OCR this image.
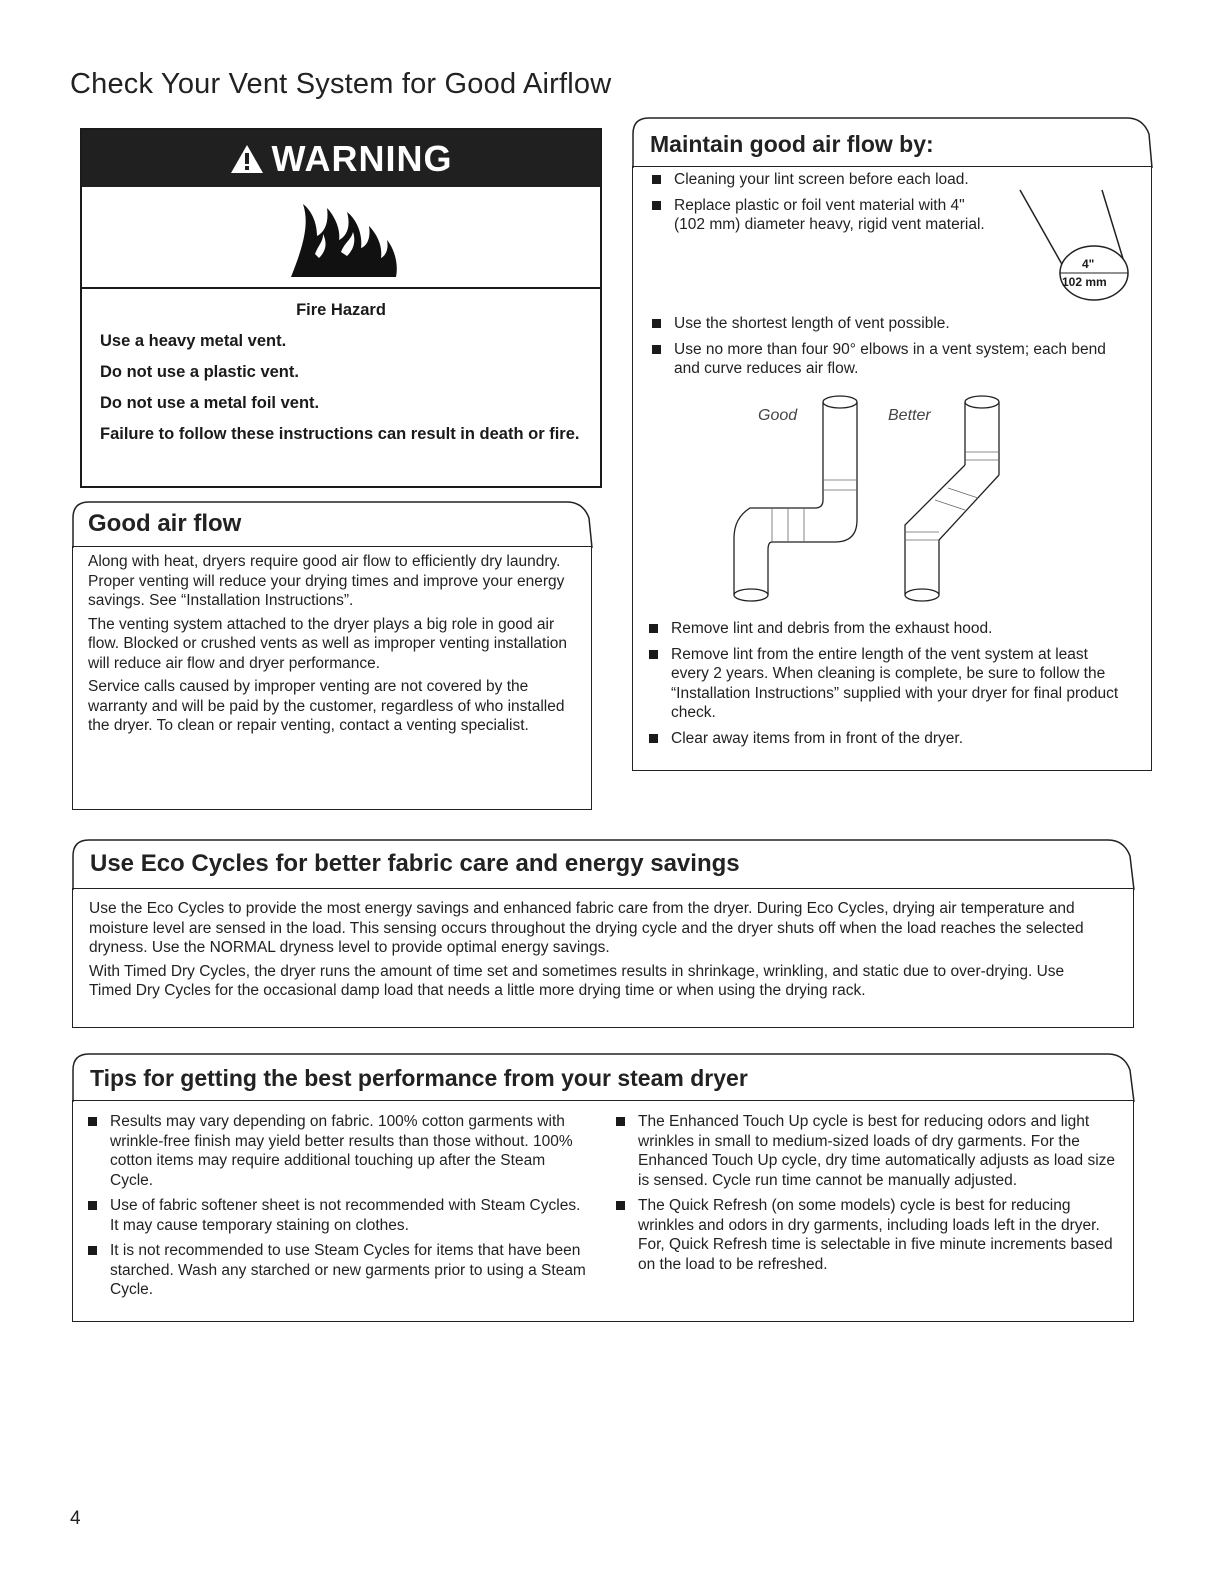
Check Your Vent System for Good Airflow
WARNING
Fire Hazard

Use a heavy metal vent.

Do not use a plastic vent.

Do not use a metal foil vent.

Failure to follow these instructions can result in death or fire.

Good air flow

Along with heat, dryers require good air flow to efficiently dry laundry. Proper venting will reduce your drying times and improve your energy savings. See “Installation Instructions”.

The venting system attached to the dryer plays a big role in good air flow. Blocked or crushed vents as well as improper venting installation will reduce air flow and dryer performance.

Service calls caused by improper venting are not covered by the warranty and will be paid by the customer, regardless of who installed the dryer. To clean or repair venting, contact a venting specialist.

Maintain good air flow by:
Cleaning your lint screen before each load.
Replace plastic or foil vent material with 4" (102 mm) diameter heavy, rigid vent material.
4"
102 mm
Use the shortest length of vent possible.
Use no more than four 90° elbows in a vent system; each bend and curve reduces air flow.
Good	Better
Remove lint and debris from the exhaust hood.
Remove lint from the entire length of the vent system at least every 2 years. When cleaning is complete, be sure to follow the “Installation Instructions” supplied with your dryer for final product check.
Clear away items from in front of the dryer.
Use Eco Cycles for better fabric care and energy savings

Use the Eco Cycles to provide the most energy savings and enhanced fabric care from the dryer. During Eco Cycles, drying air temperature and moisture level are sensed in the load. This sensing occurs throughout the drying cycle and the dryer shuts off when the load reaches the selected dryness. Use the NORMAL dryness level to provide optimal energy savings.

With Timed Dry Cycles, the dryer runs the amount of time set and sometimes results in shrinkage, wrinkling, and static due to over-drying. Use Timed Dry Cycles for the occasional damp load that needs a little more drying time or when using the drying rack.

Tips for getting the best performance from your steam dryer
Results may vary depending on fabric. 100% cotton garments with wrinkle-free finish may yield better results than those without. 100% cotton items may require additional touching up after the Steam Cycle.
Use of fabric softener sheet is not recommended with Steam Cycles. It may cause temporary staining on clothes.
It is not recommended to use Steam Cycles for items that have been starched. Wash any starched or new garments prior to using a Steam Cycle.
The Enhanced Touch Up cycle is best for reducing odors and light wrinkles in small to medium-sized loads of dry garments. For the Enhanced Touch Up cycle, dry time automatically adjusts as load size is sensed. Cycle run time cannot be manually adjusted.
The Quick Refresh (on some models) cycle is best for reducing wrinkles and odors in dry garments, including loads left in the dryer. For, Quick Refresh time is selectable in five minute increments based on the load to be refreshed.
4
